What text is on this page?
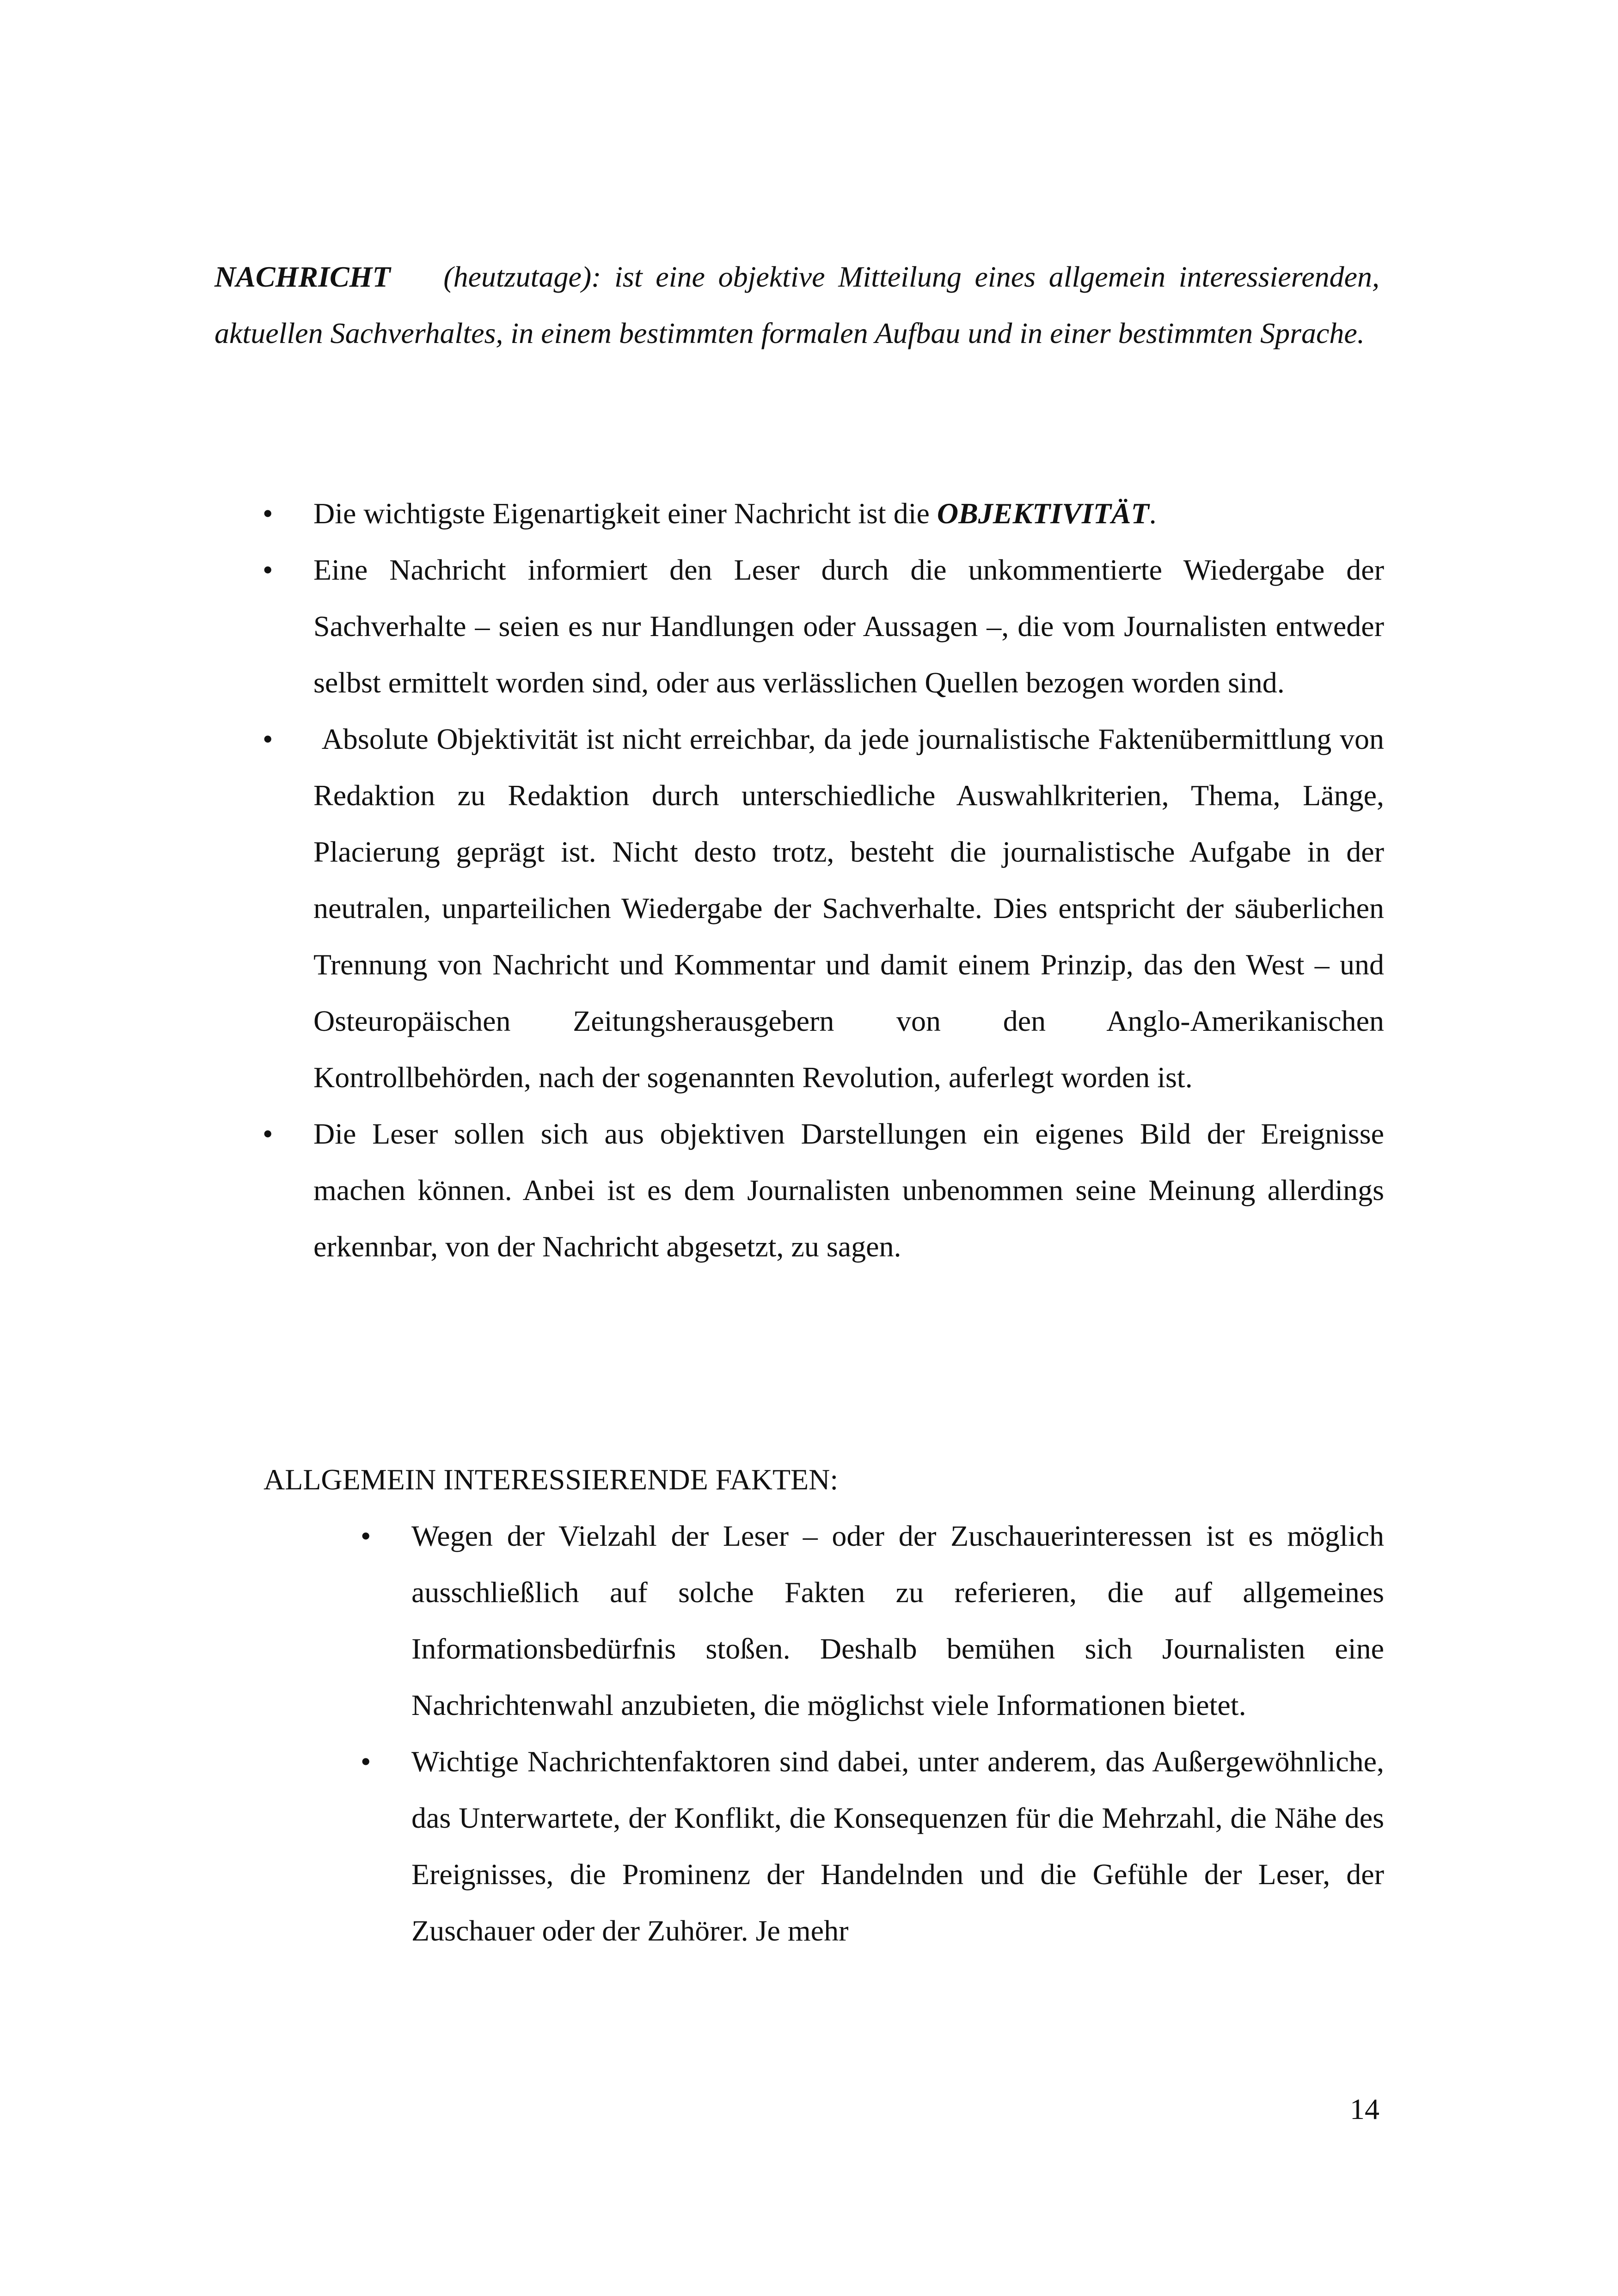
NACHRICHT (heutzutage): ist eine objektive Mitteilung eines allgemein interessierenden, aktuellen Sachverhaltes, in einem bestimmten formalen Aufbau und in einer bestimmten Sprache.

• Die wichtigste Eigenartigkeit einer Nachricht ist die OBJEKTIVITÄT.
• Eine Nachricht informiert den Leser durch die unkommentierte Wiedergabe der Sachverhalte – seien es nur Handlungen oder Aussagen –, die vom Journalisten entweder selbst ermittelt worden sind, oder aus verlässlichen Quellen bezogen worden sind.
• Absolute Objektivität ist nicht erreichbar, da jede journalistische Faktenübermittlung von Redaktion zu Redaktion durch unterschiedliche Auswahlkriterien, Thema, Länge, Placierung geprägt ist. Nicht desto trotz, besteht die journalistische Aufgabe in der neutralen, unparteilichen Wiedergabe der Sachverhalte. Dies entspricht der säuberlichen Trennung von Nachricht und Kommentar und damit einem Prinzip, das den West – und Osteuropäischen Zeitungsherausgebern von den Anglo-Amerikanischen Kontrollbehörden, nach der sogenannten Revolution, auferlegt worden ist.
• Die Leser sollen sich aus objektiven Darstellungen ein eigenes Bild der Ereignisse machen können. Anbei ist es dem Journalisten unbenommen seine Meinung allerdings erkennbar, von der Nachricht abgesetzt, zu sagen.

ALLGEMEIN INTERESSIERENDE FAKTEN:

• Wegen der Vielzahl der Leser – oder der Zuschauerinteressen ist es möglich ausschließlich auf solche Fakten zu referieren, die auf allgemeines Informationsbedürfnis stoßen. Deshalb bemühen sich Journalisten eine Nachrichtenwahl anzubieten, die möglichst viele Informationen bietet.
• Wichtige Nachrichtenfaktoren sind dabei, unter anderem, das Außergewöhnliche, das Unterwartete, der Konflikt, die Konsequenzen für die Mehrzahl, die Nähe des Ereignisses, die Prominenz der Handelnden und die Gefühle der Leser, der Zuschauer oder der Zuhörer. Je mehr
14
